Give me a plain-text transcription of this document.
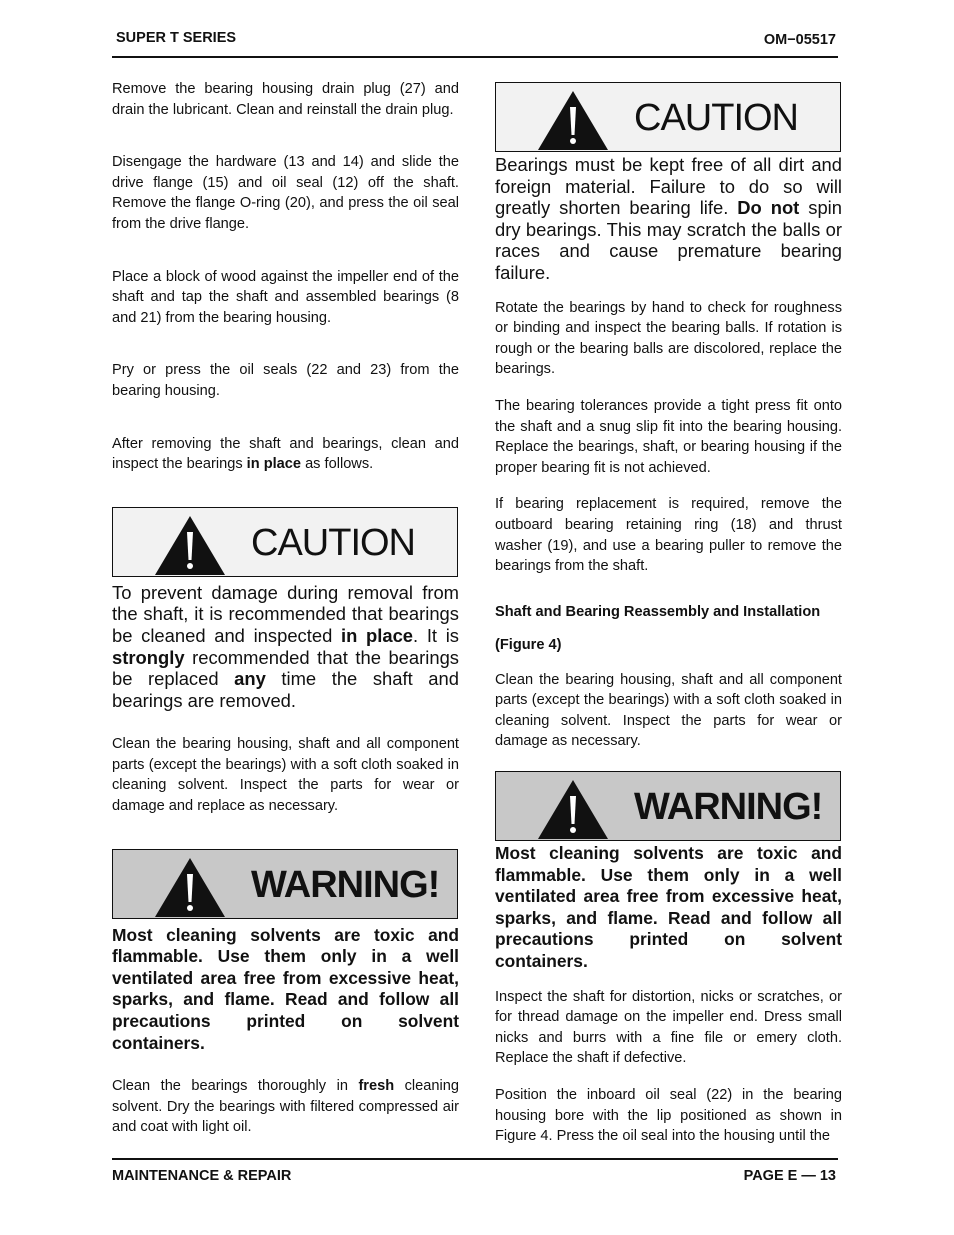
SUPER T SERIES	OM−05517

Remove the bearing housing drain plug (27) and drain the lubricant. Clean and reinstall the drain plug.

Disengage the hardware (13 and 14) and slide the drive flange (15) and oil seal (12) off the shaft. Remove the flange O-ring (20), and press the oil seal from the drive flange.

Place a block of wood against the impeller end of the shaft and tap the shaft and assembled bearings (8 and 21) from the bearing housing.

Pry or press the oil seals (22 and 23) from the bearing housing.

After removing the shaft and bearings, clean and inspect the bearings in place as follows.

CAUTION

To prevent damage during removal from the shaft, it is recommended that bearings be cleaned and inspected in place. It is strongly recommended that the bearings be replaced any time the shaft and bearings are removed.

Clean the bearing housing, shaft and all component parts (except the bearings) with a soft cloth soaked in cleaning solvent. Inspect the parts for wear or damage and replace as necessary.

WARNING!

Most cleaning solvents are toxic and flammable. Use them only in a well ventilated area free from excessive heat, sparks, and flame. Read and follow all precautions printed on solvent containers.

Clean the bearings thoroughly in fresh cleaning solvent. Dry the bearings with filtered compressed air and coat with light oil.

CAUTION

Bearings must be kept free of all dirt and foreign material. Failure to do so will greatly shorten bearing life. Do not spin dry bearings. This may scratch the balls or races and cause premature bearing failure.

Rotate the bearings by hand to check for roughness or binding and inspect the bearing balls. If rotation is rough or the bearing balls are discolored, replace the bearings.

The bearing tolerances provide a tight press fit onto the shaft and a snug slip fit into the bearing housing. Replace the bearings, shaft, or bearing housing if the proper bearing fit is not achieved.

If bearing replacement is required, remove the outboard bearing retaining ring (18) and thrust washer (19), and use a bearing puller to remove the bearings from the shaft.

Shaft and Bearing Reassembly and Installation
(Figure 4)

Clean the bearing housing, shaft and all component parts (except the bearings) with a soft cloth soaked in cleaning solvent. Inspect the parts for wear or damage as necessary.

WARNING!

Most cleaning solvents are toxic and flammable. Use them only in a well ventilated area free from excessive heat, sparks, and flame. Read and follow all precautions printed on solvent containers.

Inspect the shaft for distortion, nicks or scratches, or for thread damage on the impeller end. Dress small nicks and burrs with a fine file or emery cloth. Replace the shaft if defective.

Position the inboard oil seal (22) in the bearing housing bore with the lip positioned as shown in Figure 4. Press the oil seal into the housing until the

MAINTENANCE & REPAIR	PAGE E — 13
